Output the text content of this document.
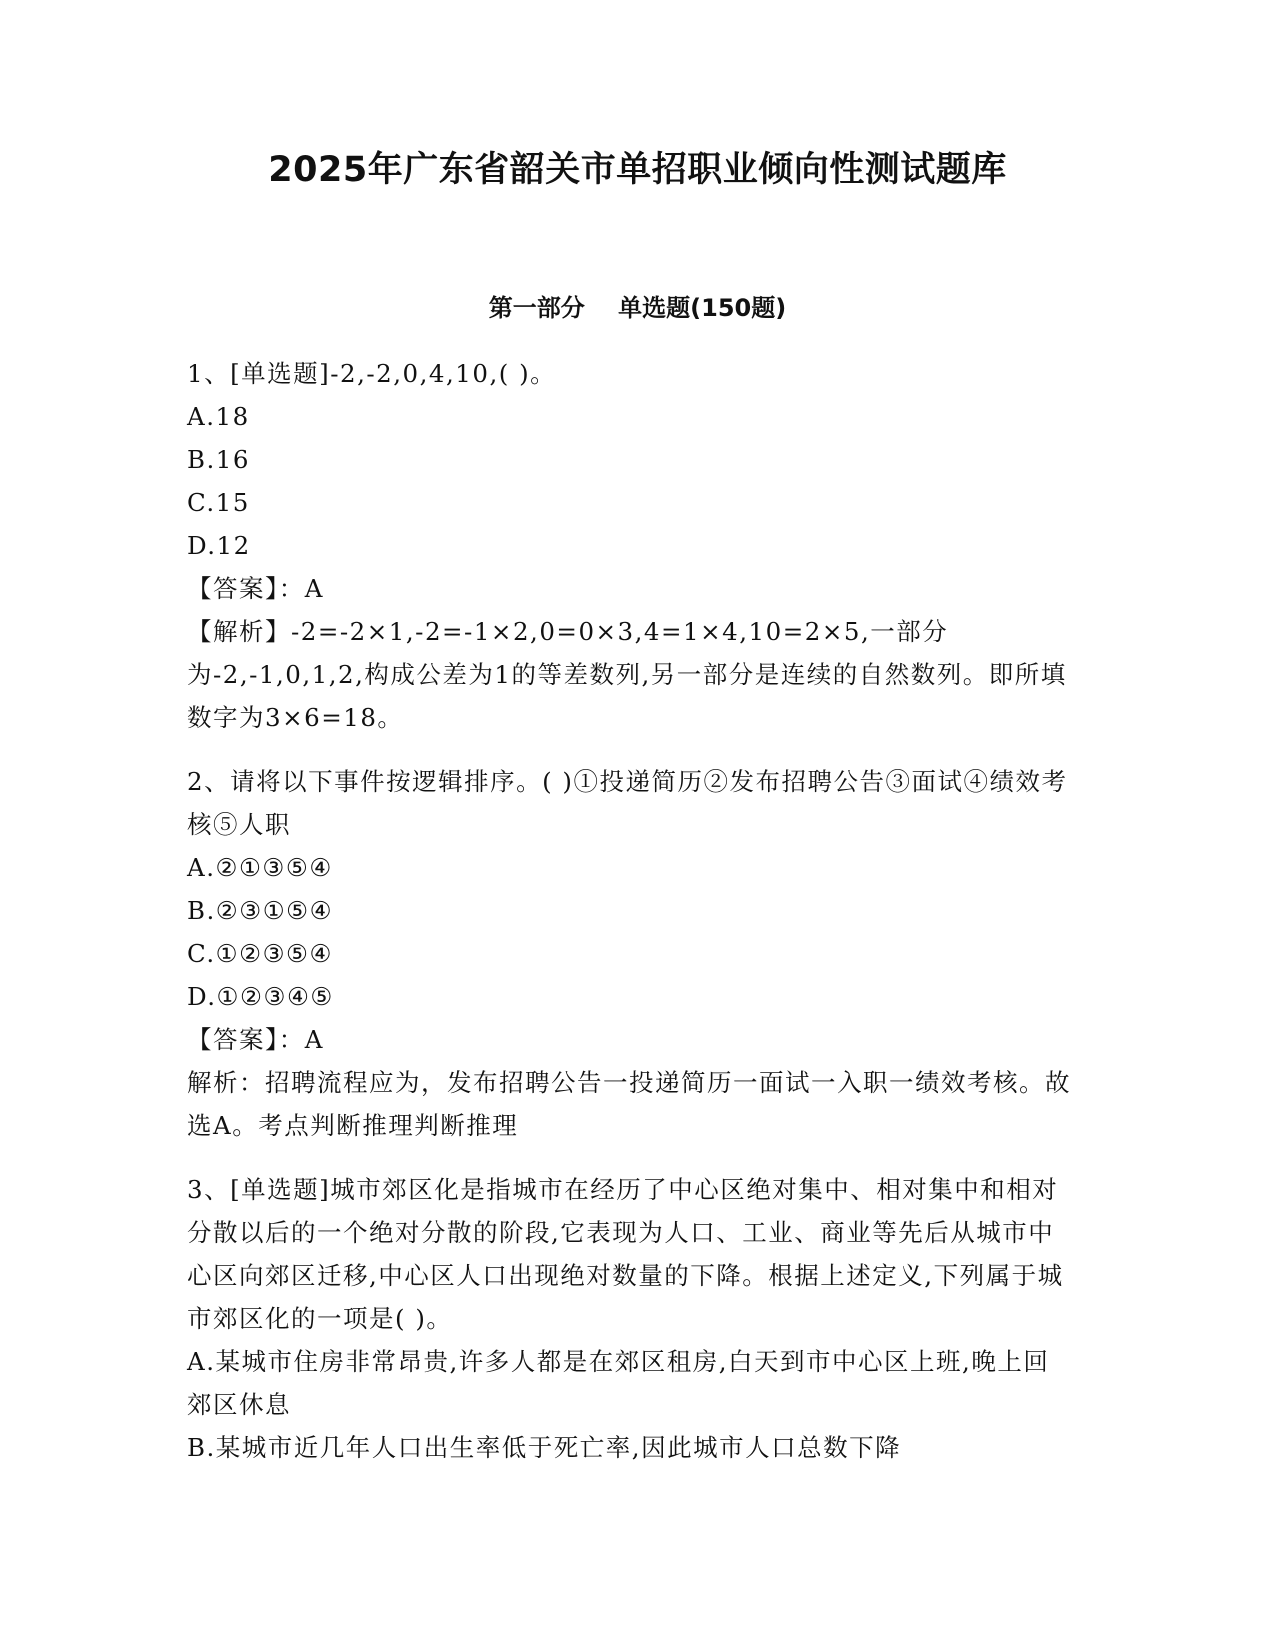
2025年广东省韶关市单招职业倾向性测试题库
第一部分    单选题(150题)
1、[单选题]-2,-2,0,4,10,( )。
A.18
B.16
C.15
D.12
【答案】：A
【解析】-2=-2×1,-2=-1×2,0=0×3,4=1×4,10=2×5,一部分为-2,-1,0,1,2,构成公差为1的等差数列,另一部分是连续的自然数列。即所填数字为3×6=18。
2、请将以下事件按逻辑排序。( )①投递简历②发布招聘公告③面试④绩效考核⑤人职
A.②①③⑤④
B.②③①⑤④
C.①②③⑤④
D.①②③④⑤
【答案】：A
解析：招聘流程应为，发布招聘公告一投递简历一面试一入职一绩效考核。故选A。考点判断推理判断推理
3、[单选题]城市郊区化是指城市在经历了中心区绝对集中、相对集中和相对分散以后的一个绝对分散的阶段,它表现为人口、工业、商业等先后从城市中心区向郊区迁移,中心区人口出现绝对数量的下降。根据上述定义,下列属于城市郊区化的一项是( )。
A.某城市住房非常昂贵,许多人都是在郊区租房,白天到市中心区上班,晚上回郊区休息
B.某城市近几年人口出生率低于死亡率,因此城市人口总数下降
